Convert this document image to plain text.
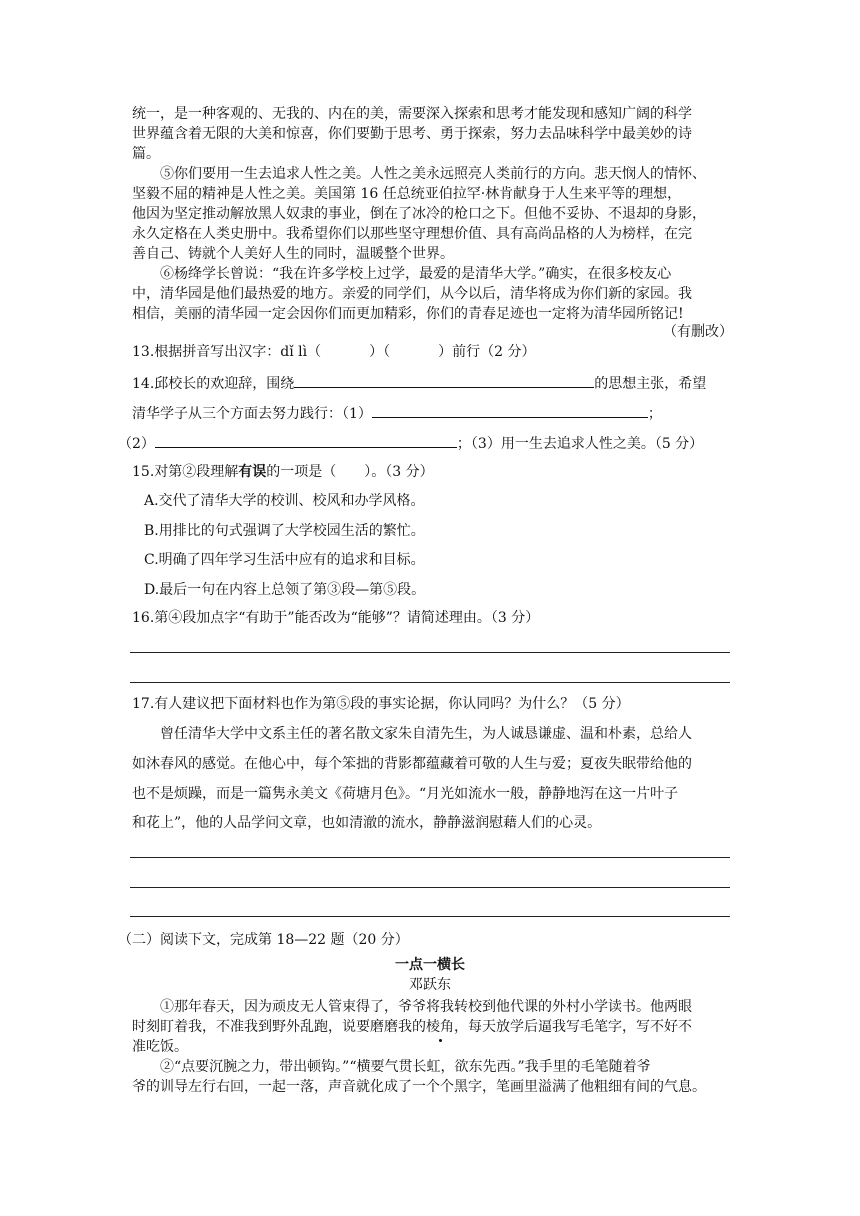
统一，是一种客观的、无我的、内在的美，需要深入探索和思考才能发现和感知广阔的科学
世界蕴含着无限的大美和惊喜，你们要勤于思考、勇于探索，努力去品味科学中最美妙的诗
篇。
⑤你们要用一生去追求人性之美。人性之美永远照亮人类前行的方向。悲天悯人的情怀、
坚毅不屈的精神是人性之美。美国第 16 任总统亚伯拉罕·林肯献身于人生来平等的理想，
他因为坚定推动解放黑人奴隶的事业，倒在了冰冷的枪口之下。但他不妥协、不退却的身影，
永久定格在人类史册中。我希望你们以那些坚守理想价值、具有高尚品格的人为榜样，在完
善自己、铸就个人美好人生的同时，温暖整个世界。
⑥杨绛学长曾说：“我在许多学校上过学，最爱的是清华大学。”确实，在很多校友心
中，清华园是他们最热爱的地方。亲爱的同学们，从今以后，清华将成为你们新的家园。我
相信，美丽的清华园一定会因你们而更加精彩，你们的青春足迹也一定将为清华园所铭记!
（有删改）
13.根据拼音写出汉字：dǐ lì（	）（	）前行（2 分）
14.邱校长的欢迎辞，围绕	的思想主张，希望
清华学子从三个方面去努力践行：（1）	；
（2）	；（3）用一生去追求人性之美。（5 分）
15.对第②段理解有误的一项是（　　）。（3 分）
A.交代了清华大学的校训、校风和办学风格。
B.用排比的句式强调了大学校园生活的繁忙。
C.明确了四年学习生活中应有的追求和目标。
D.最后一句在内容上总领了第③段—第⑤段。
16.第④段加点字“有助于”能否改为“能够”？请简述理由。（3 分）
17.有人建议把下面材料也作为第⑤段的事实论据，你认同吗？为什么？（5 分）
曾任清华大学中文系主任的著名散文家朱自清先生，为人诚恳谦虚、温和朴素，总给人
如沐春风的感觉。在他心中，每个笨拙的背影都蕴藏着可敬的人生与爱；夏夜失眠带给他的
也不是烦躁，而是一篇隽永美文《荷塘月色》。“月光如流水一般，静静地泻在这一片叶子
和花上”，他的人品学问文章，也如清澈的流水，静静滋润慰藉人们的心灵。
（二）阅读下文，完成第 18—22 题（20 分）
一点一横长
邓跃东
①那年春天，因为顽皮无人管束得了，爷爷将我转校到他代课的外村小学读书。他两眼
时刻盯着我，不准我到野外乱跑，说要磨磨我的棱角，每天放学后逼我写毛笔字，写不好不
准吃饭。
②“点要沉腕之力，带出顿钩。”“横要气贯长虹，欲东先西。”我手里的毛笔随着爷
爷的训导左行右回，一起一落，声音就化成了一个个黑字，笔画里溢满了他粗细有间的气息。
